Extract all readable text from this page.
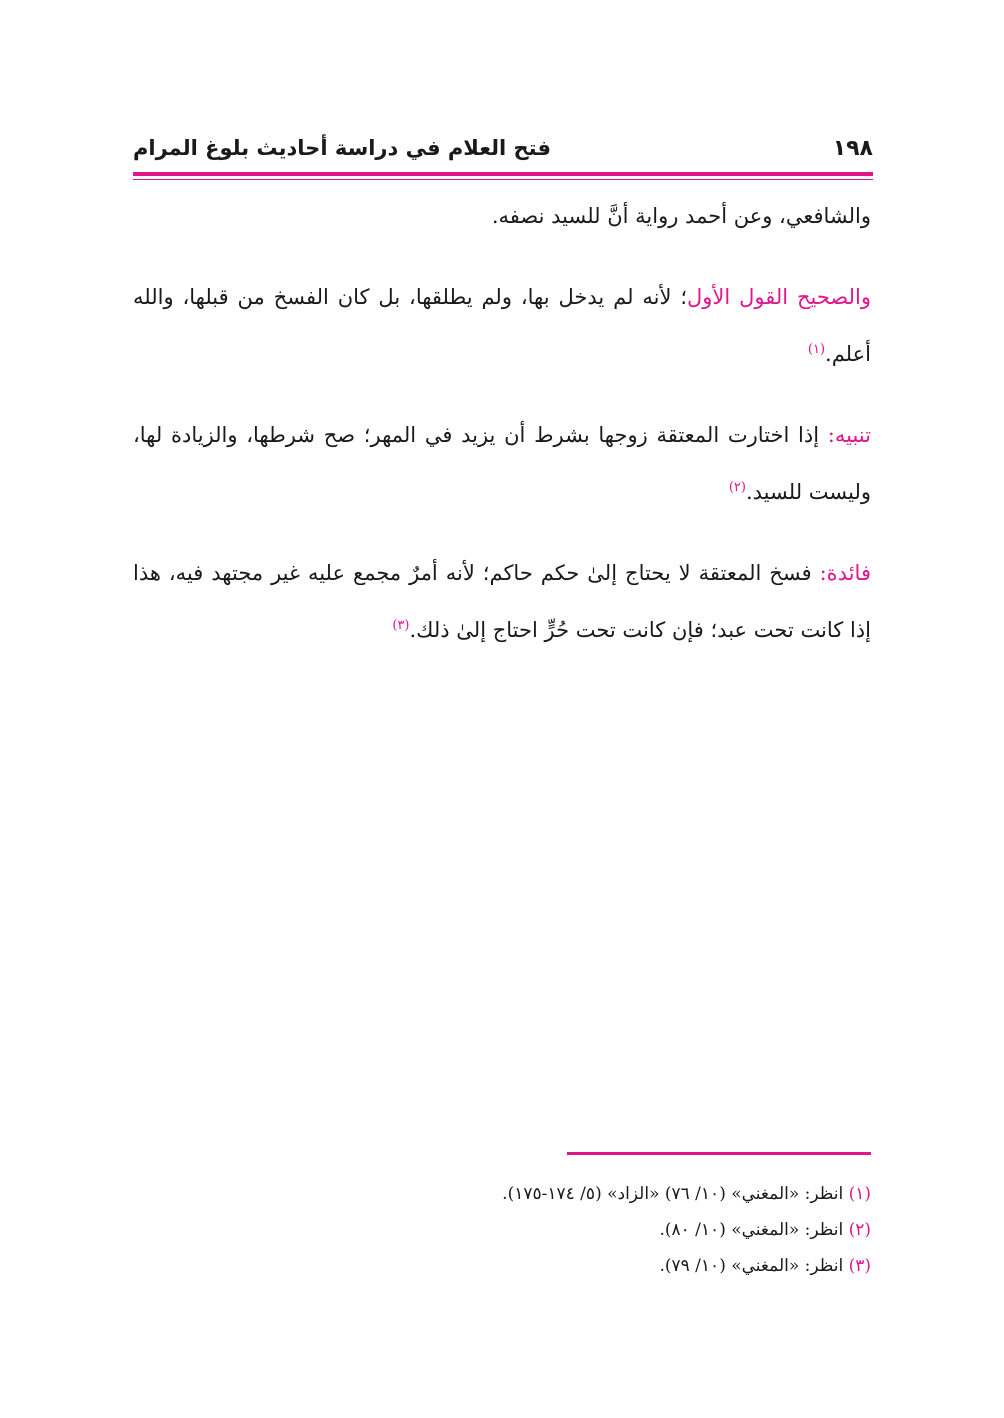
١٩٨
فتح العلام في دراسة أحاديث بلوغ المرام

والشافعي، وعن أحمد رواية أنَّ للسيد نصفه.

والصحيح القول الأول؛ لأنه لم يدخل بها، ولم يطلقها، بل كان الفسخ من قبلها، والله أعلم.$^{(١)}$

تنبيه: إذا اختارت المعتقة زوجها بشرط أن يزيد في المهر؛ صح شرطها، والزيادة لها، وليست للسيد.$^{(٢)}$

فائدة: فسخ المعتقة لا يحتاج إلىٰ حكم حاكم؛ لأنه أمرٌ مجمع عليه غير مجتهد فيه، هذا إذا كانت تحت عبد؛ فإن كانت تحت حُرٍّ احتاج إلىٰ ذلك.$^{(٣)}$

(١) انظر: «المغني» (١٠/ ٧٦) «الزاد» (٥/ ١٧٤-١٧٥).

(٢) انظر: «المغني» (١٠/ ٨٠).

(٣) انظر: «المغني» (١٠/ ٧٩).
